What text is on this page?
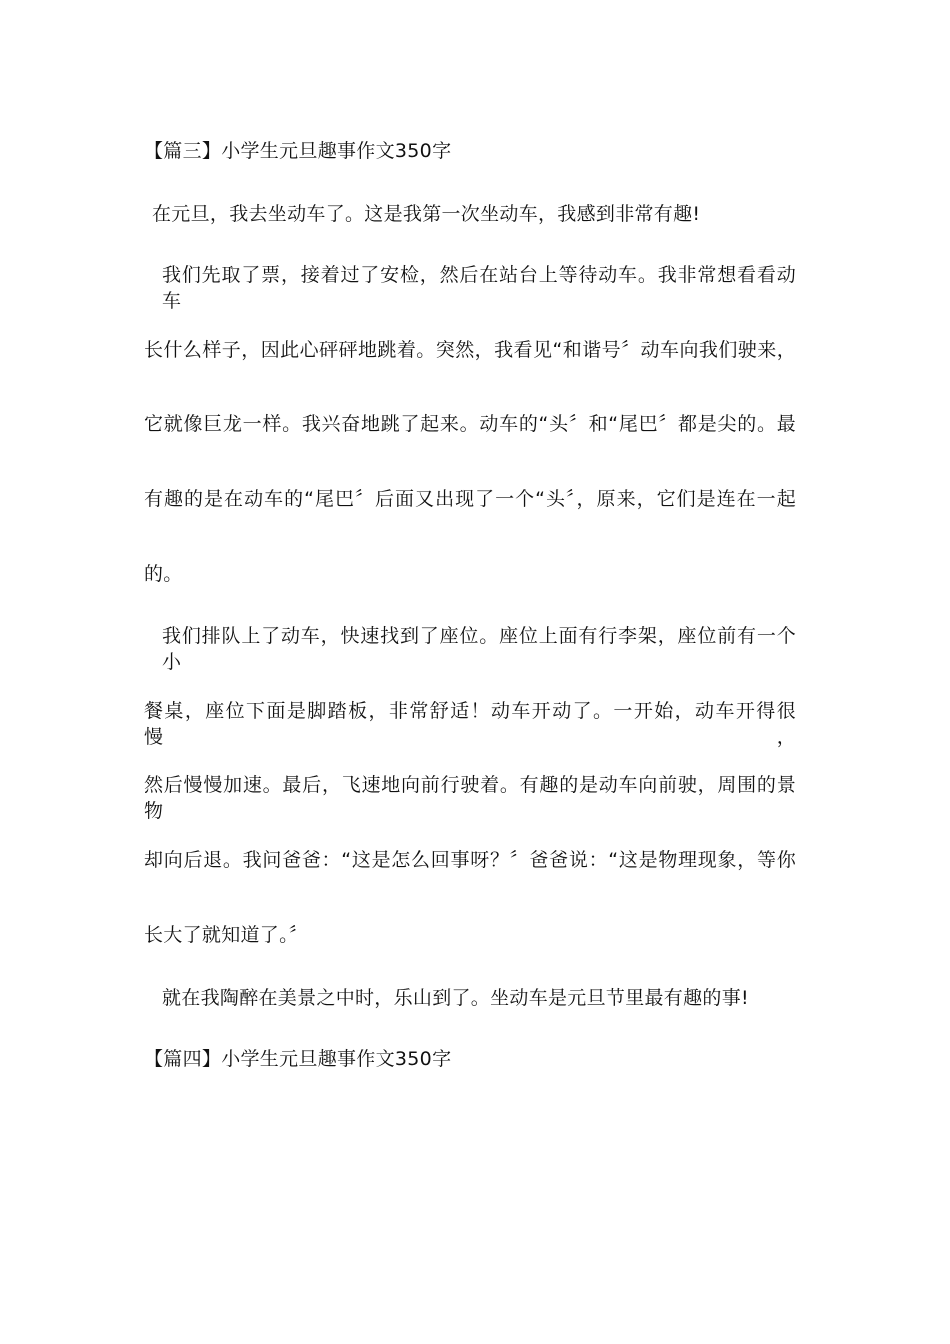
【篇三】小学生元旦趣事作文350字
在元旦，我去坐动车了。这是我第一次坐动车，我感到非常有趣!
我们先取了票，接着过了安检，然后在站台上等待动车。我非常想看看动车
长什么样子，因此心砰砰地跳着。突然，我看见“和谐号〞动车向我们驶来，
它就像巨龙一样。我兴奋地跳了起来。动车的“头〞和“尾巴〞都是尖的。最
有趣的是在动车的“尾巴〞后面又出现了一个“头〞，原来，它们是连在一起
的。
我们排队上了动车，快速找到了座位。座位上面有行李架，座位前有一个小
餐桌，座位下面是脚踏板，非常舒适！动车开动了。一开始，动车开得很慢，
然后慢慢加速。最后，飞速地向前行驶着。有趣的是动车向前驶，周围的景物
却向后退。我问爸爸：“这是怎么回事呀？〞爸爸说：“这是物理现象，等你
长大了就知道了。〞
就在我陶醉在美景之中时，乐山到了。坐动车是元旦节里最有趣的事!
【篇四】小学生元旦趣事作文350字
